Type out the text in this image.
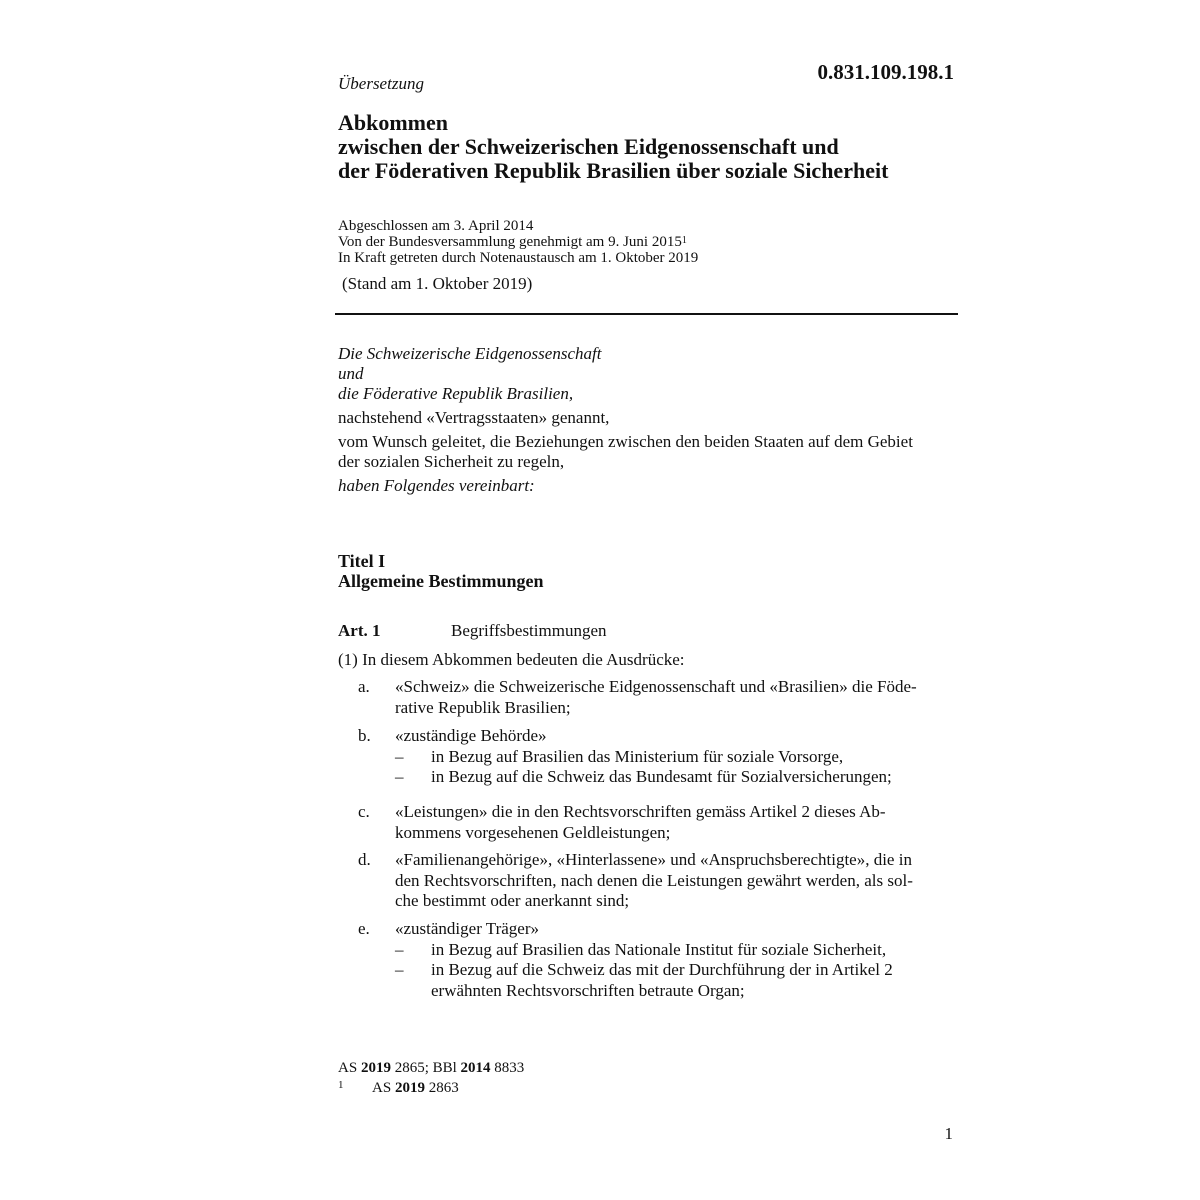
Übersetzung	0.831.109.198.1
Abkommen
zwischen der Schweizerischen Eidgenossenschaft und
der Föderativen Republik Brasilien über soziale Sicherheit
Abgeschlossen am 3. April 2014
Von der Bundesversammlung genehmigt am 9. Juni 2015$^1$
In Kraft getreten durch Notenaustausch am 1. Oktober 2019
(Stand am 1. Oktober 2019)

Die Schweizerische Eidgenossenschaft

und

die Föderative Republik Brasilien,

nachstehend «Vertragsstaaten» genannt,

vom Wunsch geleitet, die Beziehungen zwischen den beiden Staaten auf dem Gebiet
der sozialen Sicherheit zu regeln,

haben Folgendes vereinbart:

Titel I
Allgemeine Bestimmungen
Art. 1	Begriffsbestimmungen
(1) In diesem Abkommen bedeuten die Ausdrücke:
a. «Schweiz» die Schweizerische Eidgenossenschaft und «Brasilien» die Föde-
rative Republik Brasilien;
b. «zuständige Behörde»
– in Bezug auf Brasilien das Ministerium für soziale Vorsorge,
– in Bezug auf die Schweiz das Bundesamt für Sozialversicherungen;
c. «Leistungen» die in den Rechtsvorschriften gemäss Artikel 2 dieses Ab-
kommens vorgesehenen Geldleistungen;
d. «Familienangehörige», «Hinterlassene» und «Anspruchsberechtigte», die in
den Rechtsvorschriften, nach denen die Leistungen gewährt werden, als sol-
che bestimmt oder anerkannt sind;
e. «zuständiger Träger»
– in Bezug auf Brasilien das Nationale Institut für soziale Sicherheit,
– in Bezug auf die Schweiz das mit der Durchführung der in Artikel 2
erwähnten Rechtsvorschriften betraute Organ;
AS 2019 2865; BBl 2014 8833
1 AS 2019 2863
1
